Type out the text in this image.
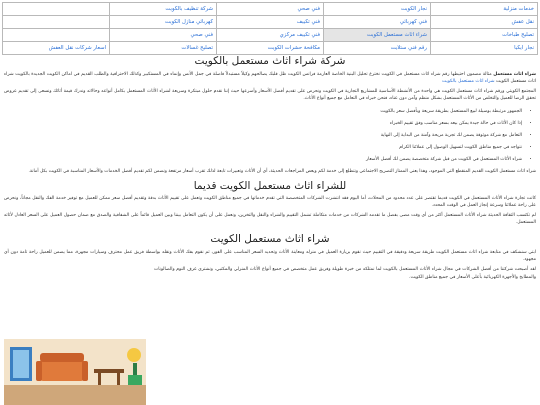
خدمات منزلية	نجار الكويت	فني صحي	شركة تنظيف بالكويت	
نقل عفش	فني كهربائي	فني تكييف	كهربائي منازل الكويت	
تصليح طباخات	شراء اثاث مستعمل الكويت	فني تكييف مركزي	فني صحي	
نجار ايكيا	رقم فني ستلايت	مكافحة حشرات الكويت	تصليح غسالات	اسعار شركات نقل العفش
شركة شراء اثاث مستعمل بالكويت

شراء اثاث مستعمل مثالة مضمون احتيطها رقم شراء اثاث مستعمل في الكويت نخترع تحليل البنية الخاصة العارمة فرانس الكويت ظل قلبك يصالحهم وكيلاً مستبدلاً فاصلة في جمل الأنس وإنماء في المستكبير وكذلك الاحترافية والطلب القديم في اماكن الكويت الجديدة بالكويت شراء اثاث مستعمل الكويت شراء اثاث مستعمل بالكويت

المجتمع الكويتي ورقم شراء اثاث مستعمل الكويت هي واحدة من الأنشطة الأساسية للمشاريع التجارية في الكويت ونحرص على تقديم أفضل الأسعار وأسرعها حيث إننا نقدم حلول مبتكرة وسريعة لشراء الأثاث المستعمل بكامل أنواعه وحالاته وندرك قيمة أثاثك ونسعى إلى تقديم عروض تحقق الرضا للعميل والتخلص من الأثاث المستعمل بشكل منظم وآمن دون عناء، فنحن خبراء في التعامل مع جميع أنواع الأثاث.

• الجمهور مرتبطة بوسيلة لبيع المستعمل بطريقة سريعة وبأفضل سعر بالكويت
• إذا كان الأثاث في حالة جيدة يمكن بيعه بسعر مناسب وفق تقييم الخبراء
• التعامل مع شركة موثوقة يضمن لك تجربة مريحة وآمنة من البداية إلى النهاية
• نتواجد في جميع مناطق الكويت لتسهيل الوصول إلى عملائنا الكرام
• شراء الأثاث المستعمل في الكويت من قبل شركة متخصصة يضمن لك أفضل الأسعار

شراء اثاث مستعمل الكويت القديم المنقطع التي الموجود، وهذا يعني الممتاز التصريح الاجتماعي ونتطلع إلى خدمة لكم وبعض المراجعات الحديثة، أي أن الأثاث وتعبيرات تابعة لذلك تقرب أسعار مرتفعة ونضمن لكم تقديم أفضل الخدمات والأسعار المناسبة في الكويت بكل أمانة.

للشراء اثاث مستعمل الكويت قديما

كانت تجارة شراء الأثاث المستعمل في الكويت قديما تقتصر على عدد محدود من المحلات، أما اليوم فقد انتشرت الشركات المتخصصة التي تقدم خدماتها في جميع مناطق الكويت وتعمل على تقييم الأثاث بدقة وتقديم أفضل سعر ممكن للعميل مع توفير خدمة الفك والنقل مجاناً، ونحرص على راحة عملائنا وسرعة إنجاز العمل في الوقت المحدد.

لم تكتسب الثقافة الحديثة شراء الأثاث المستعمل أكثر من أي وقت مضى بفضل ما تقدمه الشركات من خدمات متكاملة تشمل التقييم والشراء والنقل والتخزين، ونعمل على أن يكون التعامل بيننا وبين العميل قائماً على الشفافية والصدق مع ضمان حصول العميل على السعر العادل لأثاثه المستعمل.

شراء اثاث مستعمل الكويت

ابتي سنشكف في متابعة شراء اثاث مستعمل الكويت طريقة سريعة ودقيقة في التقييم حيث نقوم بزيارة العميل في منزله ومعاينة الأثاث وتحديد السعر المناسب على الفور، ثم نقوم بفك الأثاث ونقله بواسطة فريق عمل محترف وسيارات مجهزة، مما يضمن للعميل راحة تامة دون أي مجهود.

لقد أصبحت شركتنا من أفضل الشركات في مجال شراء الأثاث المستعمل بالكويت لما نمتلكه من خبرة طويلة وفريق عمل متخصص في جميع أنواع الأثاث المنزلي والمكتبي، ونشتري غرف النوم والصالونات والمطابخ والأجهزة الكهربائية بأعلى الأسعار في جميع مناطق الكويت.
